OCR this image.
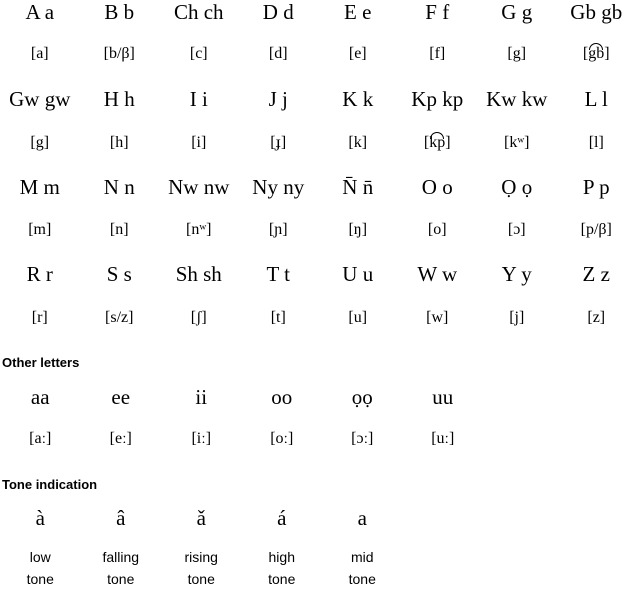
A a
[a]
B b
[b/β]
Ch ch
[c]
D d
[d]
E e
[e]
F f
[f]
G g
[g]
Gb gb
[gb]
Gw gw
[g]
H h
[h]
I i
[i]
J j
[ɟ]
K k
[k]
Kp kp
[kp]
Kw kw
[kʷ]
L l
[l]
M m
[m]
N n
[n]
Nw nw
[nʷ]
Ny ny
[ɲ]
N̄ n̄
[ŋ]
O o
[o]
Ọ ọ
[ɔ]
P p
[p/β]
R r
[r]
S s
[s/z]
Sh sh
[ʃ]
T t
[t]
U u
[u]
W w
[w]
Y y
[j]
Z z
[z]
Other letters
aa
[aː]
ee
[eː]
ii
[iː]
oo
[oː]
ọọ
[ɔː]
uu
[uː]
Tone indication
à
low
tone
â
falling
tone
ǎ
rising
tone
á
high
tone
a
mid
tone
